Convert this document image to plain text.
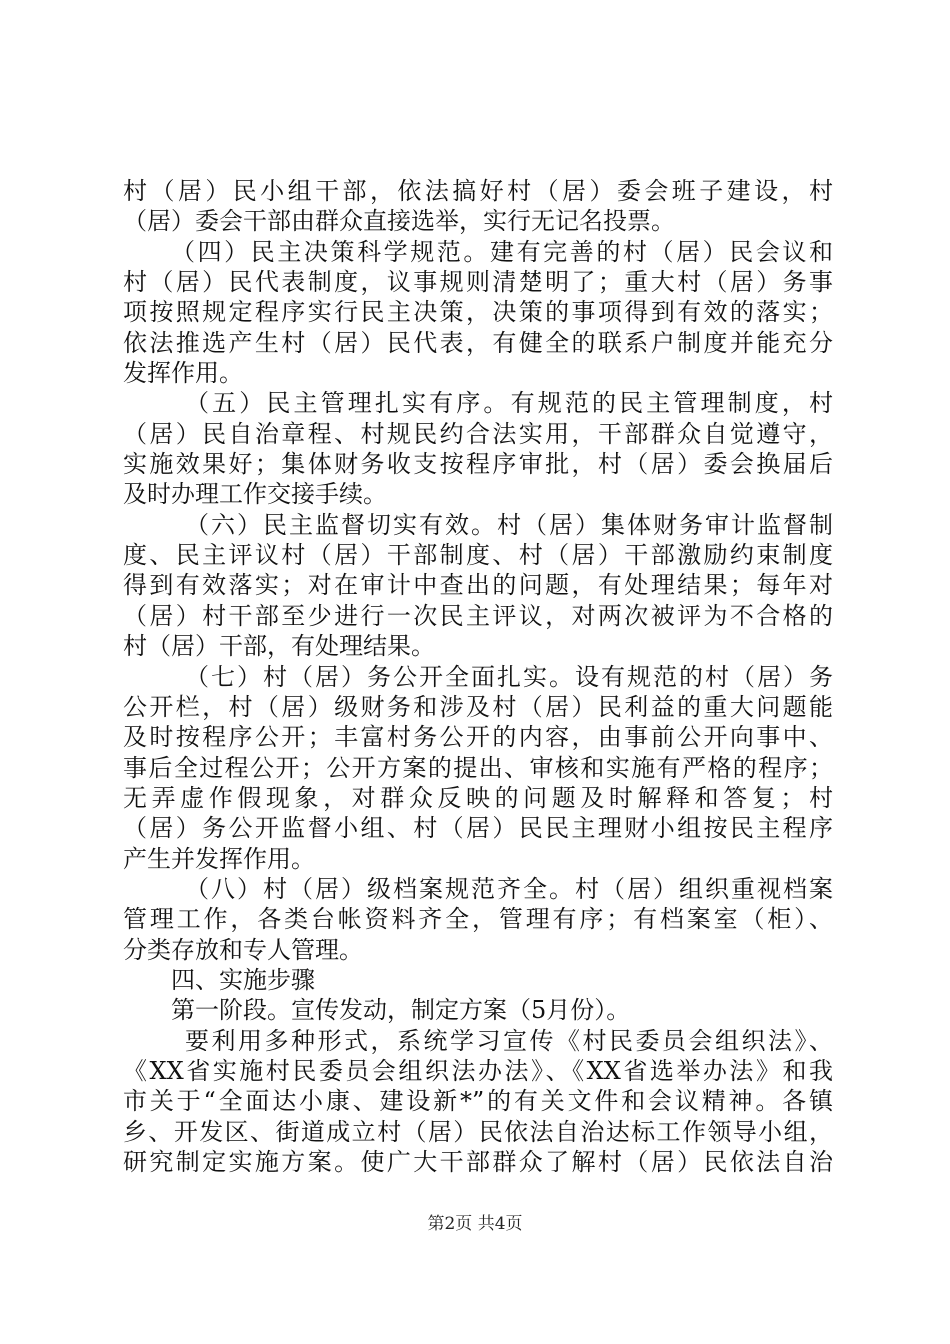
村（居）民小组干部，依法搞好村（居）委会班子建设，村
（居）委会干部由群众直接选举，实行无记名投票。
（四）民主决策科学规范。建有完善的村（居）民会议和
村（居）民代表制度，议事规则清楚明了；重大村（居）务事
项按照规定程序实行民主决策，决策的事项得到有效的落实；
依法推选产生村（居）民代表，有健全的联系户制度并能充分
发挥作用。
（五）民主管理扎实有序。有规范的民主管理制度，村
（居）民自治章程、村规民约合法实用，干部群众自觉遵守，
实施效果好；集体财务收支按程序审批，村（居）委会换届后
及时办理工作交接手续。
（六）民主监督切实有效。村（居）集体财务审计监督制
度、民主评议村（居）干部制度、村（居）干部激励约束制度
得到有效落实；对在审计中查出的问题，有处理结果；每年对
（居）村干部至少进行一次民主评议，对两次被评为不合格的
村（居）干部，有处理结果。
（七）村（居）务公开全面扎实。设有规范的村（居）务
公开栏，村（居）级财务和涉及村（居）民利益的重大问题能
及时按程序公开；丰富村务公开的内容，由事前公开向事中、
事后全过程公开；公开方案的提出、审核和实施有严格的程序；
无弄虚作假现象，对群众反映的问题及时解释和答复；村
（居）务公开监督小组、村（居）民民主理财小组按民主程序
产生并发挥作用。
（八）村（居）级档案规范齐全。村（居）组织重视档案
管理工作，各类台帐资料齐全，管理有序；有档案室（柜）、
分类存放和专人管理。
四、实施步骤
第一阶段。宣传发动，制定方案（5月份）。
要利用多种形式，系统学习宣传《村民委员会组织法》、
《XX省实施村民委员会组织法办法》、《XX省选举办法》和我
市关于“全面达小康、建设新*”的有关文件和会议精神。各镇
乡、开发区、街道成立村（居）民依法自治达标工作领导小组，
研究制定实施方案。使广大干部群众了解村（居）民依法自治
第2页 共4页
